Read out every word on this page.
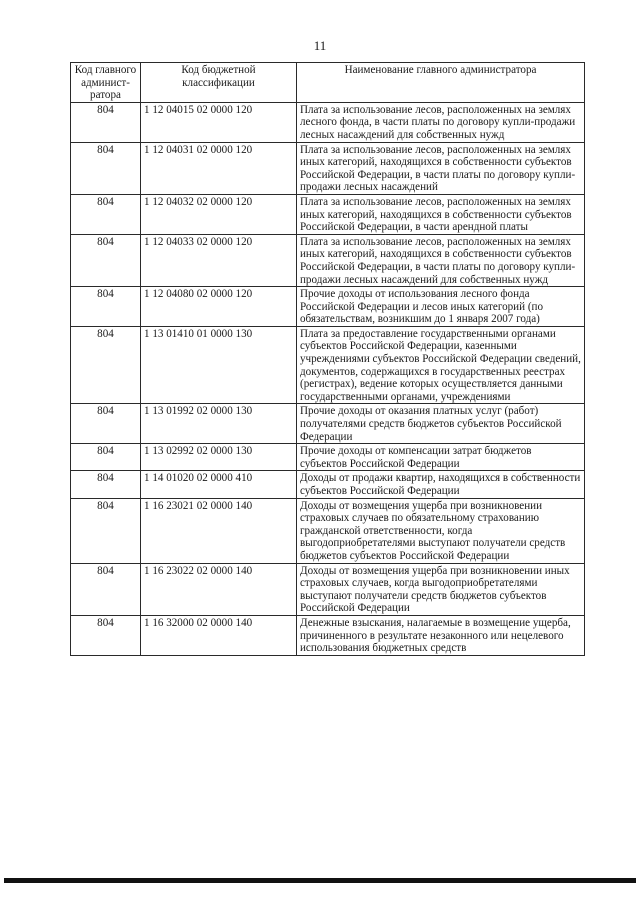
11
Код главного админист-ратора	Код бюджетной классификации	Наименование главного администратора
804	1 12 04015 02 0000 120	Плата за использование лесов, расположенных на землях лесного фонда, в части платы по договору купли-продажи лесных насаждений для собственных нужд
804	1 12 04031 02 0000 120	Плата за использование лесов, расположенных на землях иных категорий, находящихся в собственности субъектов Российской Федерации, в части платы по договору купли-продажи лесных насаждений
804	1 12 04032 02 0000 120	Плата за использование лесов, расположенных на землях иных категорий, находящихся в собственности субъектов Российской Федерации, в части арендной платы
804	1 12 04033 02 0000 120	Плата за использование лесов, расположенных на землях иных категорий, находящихся в собственности субъектов Российской Федерации, в части платы по договору купли-продажи лесных насаждений для собственных нужд
804	1 12 04080 02 0000 120	Прочие доходы от использования лесного фонда Российской Федерации и лесов иных категорий (по обязательствам, возникшим до 1 января 2007 года)
804	1 13 01410 01 0000 130	Плата за предоставление государственными органами субъектов Российской Федерации, казенными учреждениями субъектов Российской Федерации сведений, документов, содержащихся в государственных реестрах (регистрах), ведение которых осуществляется данными государственными органами, учреждениями
804	1 13 01992 02 0000 130	Прочие доходы от оказания платных услуг (работ) получателями средств бюджетов субъектов Российской Федерации
804	1 13 02992 02 0000 130	Прочие доходы от компенсации затрат бюджетов субъектов Российской Федерации
804	1 14 01020 02 0000 410	Доходы от продажи квартир, находящихся в собственности субъектов Российской Федерации
804	1 16 23021 02 0000 140	Доходы от возмещения ущерба при возникновении страховых случаев по обязательному страхованию гражданской ответственности, когда выгодоприобретателями выступают получатели средств бюджетов субъектов Российской Федерации
804	1 16 23022 02 0000 140	Доходы от возмещения ущерба при возникновении иных страховых случаев, когда выгодоприобретателями выступают получатели средств бюджетов субъектов Российской Федерации
804	1 16 32000 02 0000 140	Денежные взыскания, налагаемые в возмещение ущерба, причиненного в результате незаконного или нецелевого использования бюджетных средств
